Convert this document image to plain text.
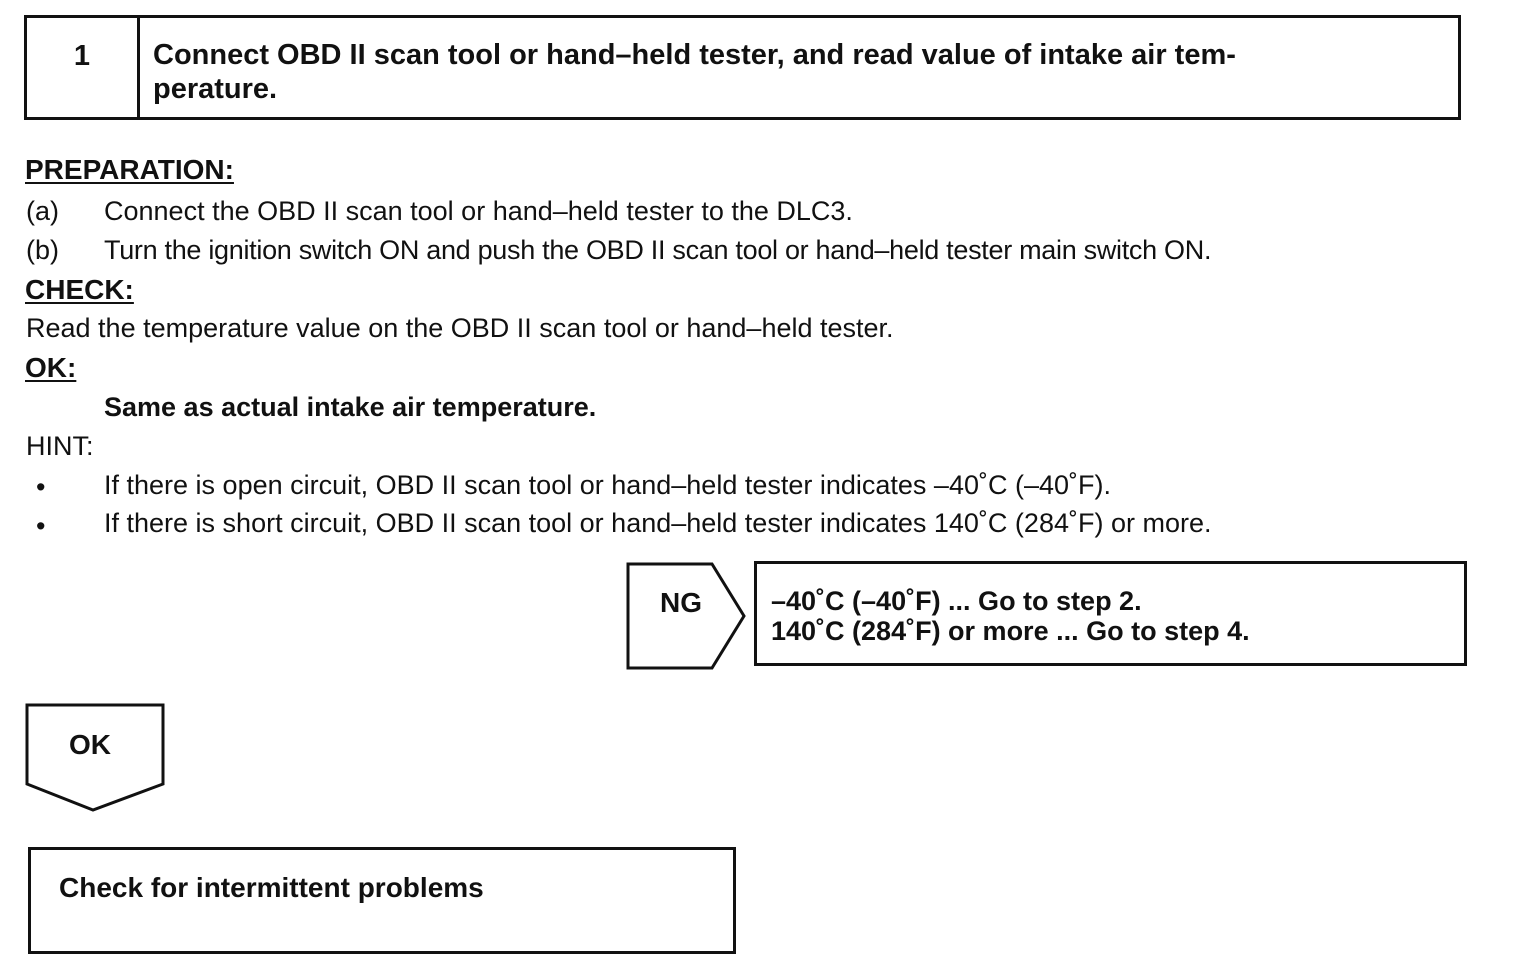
1	Connect OBD II scan tool or hand–held tester, and read value of intake air tem-
perature.
PREPARATION:
(a) Connect the OBD II scan tool or hand–held tester to the DLC3.
(b) Turn the ignition switch ON and push the OBD II scan tool or hand–held tester main switch ON.
CHECK:
Read the temperature value on the OBD II scan tool or hand–held tester.
OK:
Same as actual intake air temperature.
HINT:
• If there is open circuit, OBD II scan tool or hand–held tester indicates –40˚C (–40˚F).
• If there is short circuit, OBD II scan tool or hand–held tester indicates 140˚C (284˚F) or more.
NG	–40˚C (–40˚F) ... Go to step 2.
140˚C (284˚F) or more ... Go to step 4.
OK
Check for intermittent problems
